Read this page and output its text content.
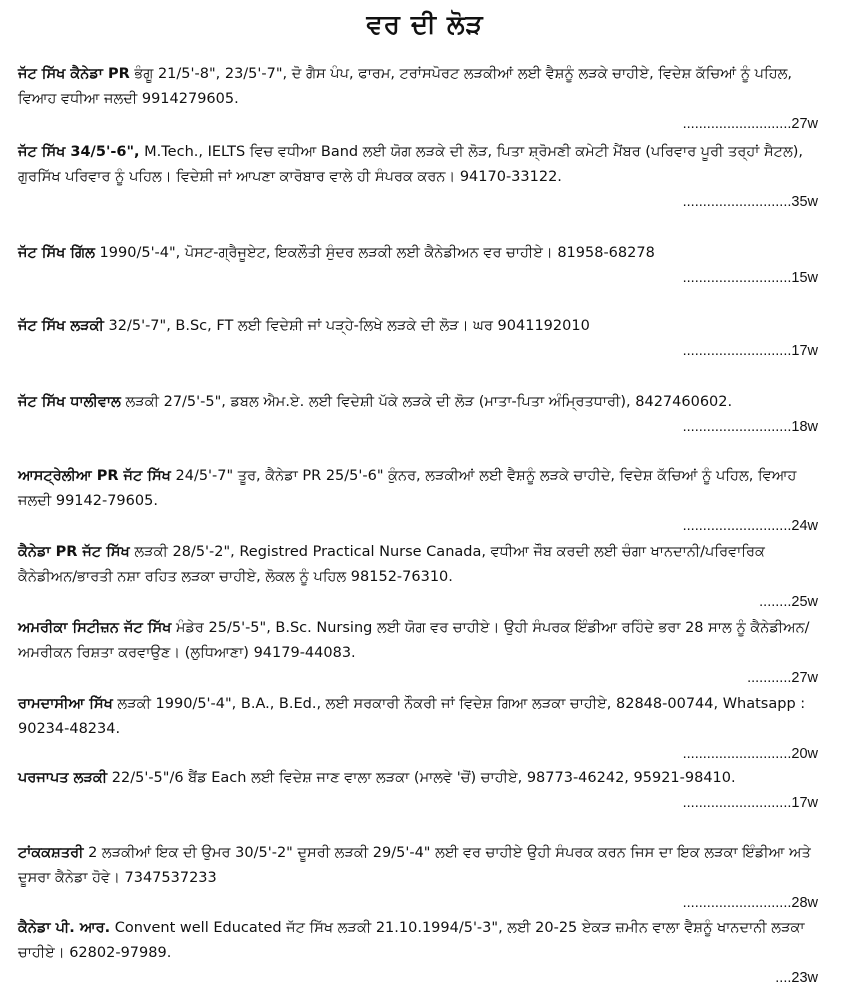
ਵਰ ਦੀ ਲੋੜ
ਜੱਟ ਸਿੱਖ ਕੈਨੇਡਾ PR ਭੰਗੂ 21/5'-8", 23/5'-7", ਦੋ ਗੈਸ ਪੰਪ, ਫਾਰਮ, ਟਰਾਂਸਪੋਰਟ ਲੜਕੀਆਂ ਲਈ ਵੈਸ਼ਨੂੰ ਲੜਕੇ ਚਾਹੀਏ, ਵਿਦੇਸ਼ ਕੱਚਿਆਂ ਨੂੰ ਪਹਿਲ, ਵਿਆਹ ਵਧੀਆ ਜਲਦੀ 9914279605.
...........................27w
ਜੱਟ ਸਿੱਖ 34/5'-6", M.Tech., IELTS ਵਿਚ ਵਧੀਆ Band ਲਈ ਯੋਗ ਲੜਕੇ ਦੀ ਲੋੜ, ਪਿਤਾ ਸ਼੍ਰੋਮਣੀ ਕਮੇਟੀ ਮੈਂਬਰ (ਪਰਿਵਾਰ ਪੂਰੀ ਤਰ੍ਹਾਂ ਸੈਟਲ), ਗੁਰਸਿੱਖ ਪਰਿਵਾਰ ਨੂੰ ਪਹਿਲ। ਵਿਦੇਸ਼ੀ ਜਾਂ ਆਪਣਾ ਕਾਰੋਬਾਰ ਵਾਲੇ ਹੀ ਸੰਪਰਕ ਕਰਨ। 94170-33122.
...........................35w
ਜੱਟ ਸਿੱਖ ਗਿੱਲ 1990/5'-4", ਪੋਸਟ-ਗ੍ਰੈਜੂਏਟ, ਇਕਲੌਤੀ ਸੁੰਦਰ ਲੜਕੀ ਲਈ ਕੈਨੇਡੀਅਨ ਵਰ ਚਾਹੀਏ। 81958-68278
...........................15w
ਜੱਟ ਸਿੱਖ ਲੜਕੀ 32/5'-7", B.Sc, FT ਲਈ ਵਿਦੇਸ਼ੀ ਜਾਂ ਪੜ੍ਹੇ-ਲਿਖੇ ਲੜਕੇ ਦੀ ਲੋੜ। ਘਰ 9041192010
...........................17w
ਜੱਟ ਸਿੱਖ ਧਾਲੀਵਾਲ ਲੜਕੀ 27/5'-5", ਡਬਲ ਐਮ.ਏ. ਲਈ ਵਿਦੇਸ਼ੀ ਪੱਕੇ ਲੜਕੇ ਦੀ ਲੋੜ (ਮਾਤਾ-ਪਿਤਾ ਅੰਮ੍ਰਿਤਧਾਰੀ), 8427460602.
...........................18w
ਆਸਟ੍ਰੇਲੀਆ PR ਜੱਟ ਸਿੱਖ 24/5'-7" ਤੂਰ, ਕੈਨੇਡਾ PR 25/5'-6" ਕੁੰਨਰ, ਲੜਕੀਆਂ ਲਈ ਵੈਸ਼ਨੂੰ ਲੜਕੇ ਚਾਹੀਦੇ, ਵਿਦੇਸ਼ ਕੱਚਿਆਂ ਨੂੰ ਪਹਿਲ, ਵਿਆਹ ਜਲਦੀ 99142-79605.
...........................24w
ਕੈਨੇਡਾ PR ਜੱਟ ਸਿੱਖ ਲੜਕੀ 28/5'-2", Registred Practical Nurse Canada, ਵਧੀਆ ਜੌਬ ਕਰਦੀ ਲਈ ਚੰਗਾ ਖਾਨਦਾਨੀ/ਪਰਿਵਾਰਿਕ ਕੈਨੇਡੀਅਨ/ਭਾਰਤੀ ਨਸ਼ਾ ਰਹਿਤ ਲੜਕਾ ਚਾਹੀਏ, ਲੋਕਲ ਨੂੰ ਪਹਿਲ 98152-76310.
........25w
ਅਮਰੀਕਾ ਸਿਟੀਜ਼ਨ ਜੱਟ ਸਿੱਖ ਮੰਡੇਰ 25/5'-5", B.Sc. Nursing ਲਈ ਯੋਗ ਵਰ ਚਾਹੀਏ। ਉਹੀ ਸੰਪਰਕ ਇੰਡੀਆ ਰਹਿੰਦੇ ਭਰਾ 28 ਸਾਲ ਨੂੰ ਕੈਨੇਡੀਅਨ/ਅਮਰੀਕਨ ਰਿਸ਼ਤਾ ਕਰਵਾਉਣ। (ਲੁਧਿਆਣਾ) 94179-44083.
...........27w
ਰਾਮਦਾਸੀਆ ਸਿੱਖ ਲੜਕੀ 1990/5'-4", B.A., B.Ed., ਲਈ ਸਰਕਾਰੀ ਨੌਕਰੀ ਜਾਂ ਵਿਦੇਸ਼ ਗਿਆ ਲੜਕਾ ਚਾਹੀਏ, 82848-00744, Whatsapp : 90234-48234.
...........................20w
ਪਰਜਾਪਤ ਲੜਕੀ 22/5'-5"/6 ਬੈਂਡ Each ਲਈ ਵਿਦੇਸ਼ ਜਾਣ ਵਾਲਾ ਲੜਕਾ (ਮਾਲਵੇ 'ਚੋਂ) ਚਾਹੀਏ, 98773-46242, 95921-98410.
...........................17w
ਟਾਂਕਕਸ਼ਤਰੀ 2 ਲੜਕੀਆਂ ਇਕ ਦੀ ਉਮਰ 30/5'-2" ਦੂਸਰੀ ਲੜਕੀ 29/5'-4" ਲਈ ਵਰ ਚਾਹੀਏ ਉਹੀ ਸੰਪਰਕ ਕਰਨ ਜਿਸ ਦਾ ਇਕ ਲੜਕਾ ਇੰਡੀਆ ਅਤੇ ਦੂਸਰਾ ਕੈਨੇਡਾ ਹੋਵੇ। 7347537233
...........................28w
ਕੈਨੇਡਾ ਪੀ. ਆਰ. Convent well Educated ਜੱਟ ਸਿੱਖ ਲੜਕੀ 21.10.1994/5'-3", ਲਈ 20-25 ਏਕੜ ਜ਼ਮੀਨ ਵਾਲਾ ਵੈਸ਼ਨੂੰ ਖਾਨਦਾਨੀ ਲੜਕਾ ਚਾਹੀਏ। 62802-97989.
....23w
